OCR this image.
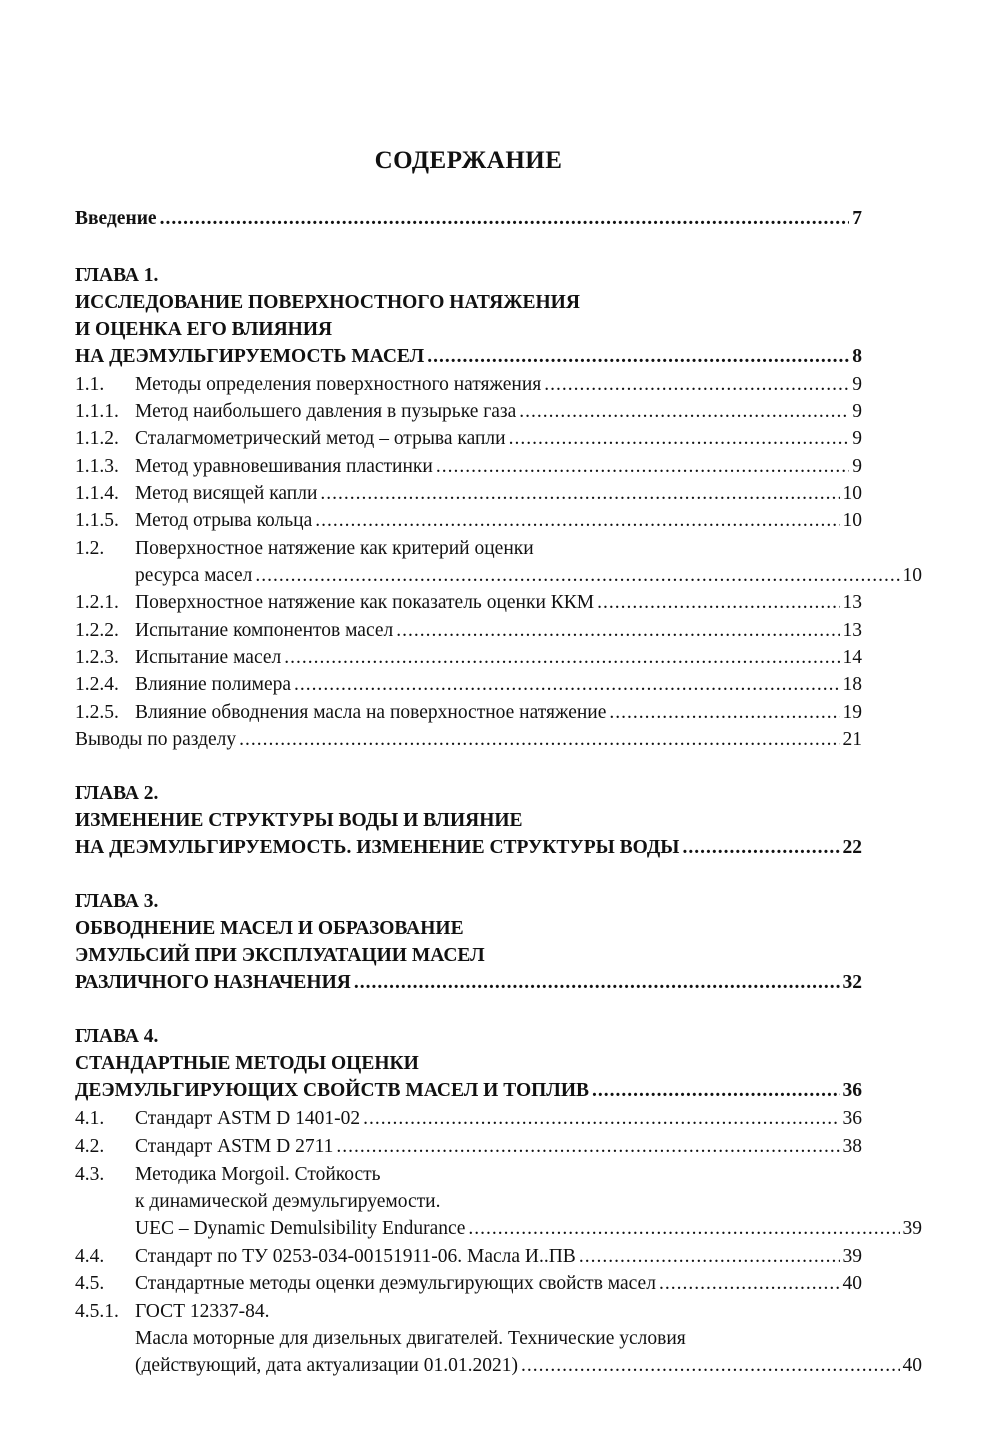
СОДЕРЖАНИЕ
Введение .....	7
ГЛАВА 1.
ИССЛЕДОВАНИЕ ПОВЕРХНОСТНОГО НАТЯЖЕНИЯ
И ОЦЕНКА ЕГО ВЛИЯНИЯ
НА ДЕЭМУЛЬГИРУЕМОСТЬ МАСЕЛ .....	8
1.1.	Методы определения поверхностного натяжения .....	9
1.1.1. Метод наибольшего давления в пузырьке газа .....	9
1.1.2. Сталагмометрический метод – отрыва капли .....	9
1.1.3. Метод уравновешивания пластинки .....	9
1.1.4. Метод висящей капли .....	10
1.1.5. Метод отрыва кольца .....	10
1.2.	Поверхностное натяжение как критерий оценки
ресурса масел .....	10
1.2.1. Поверхностное натяжение как показатель оценки ККМ .....	13
1.2.2. Испытание компонентов масел .....	13
1.2.3. Испытание масел .....	14
1.2.4. Влияние полимера .....	18
1.2.5. Влияние обводнения масла на поверхностное натяжение .....	19
Выводы по разделу .....	21
ГЛАВА 2.
ИЗМЕНЕНИЕ СТРУКТУРЫ ВОДЫ И ВЛИЯНИЕ
НА ДЕЭМУЛЬГИРУЕМОСТЬ. ИЗМЕНЕНИЕ СТРУКТУРЫ ВОДЫ .....	22
ГЛАВА 3.
ОБВОДНЕНИЕ МАСЕЛ И ОБРАЗОВАНИЕ
ЭМУЛЬСИЙ ПРИ ЭКСПЛУАТАЦИИ МАСЕЛ
РАЗЛИЧНОГО НАЗНАЧЕНИЯ .....	32
ГЛАВА 4.
СТАНДАРТНЫЕ МЕТОДЫ ОЦЕНКИ
ДЕЭМУЛЬГИРУЮЩИХ СВОЙСТВ МАСЕЛ И ТОПЛИВ .....	36
4.1.	Стандарт ASTM D 1401-02 .....	36
4.2.	Стандарт ASTM D 2711 .....	38
4.3.	Методика Morgoil. Стойкость
к динамической деэмульгируемости.
UEC – Dynamic Demulsibility Endurance .....	39
4.4.	Стандарт по ТУ 0253-034-00151911-06. Масла И..ПВ .....	39
4.5.	Стандартные методы оценки деэмульгирующих свойств масел .....	40
4.5.1. ГОСТ 12337-84.
Масла моторные для дизельных двигателей. Технические условия
(действующий, дата актуализации 01.01.2021) .....	40
